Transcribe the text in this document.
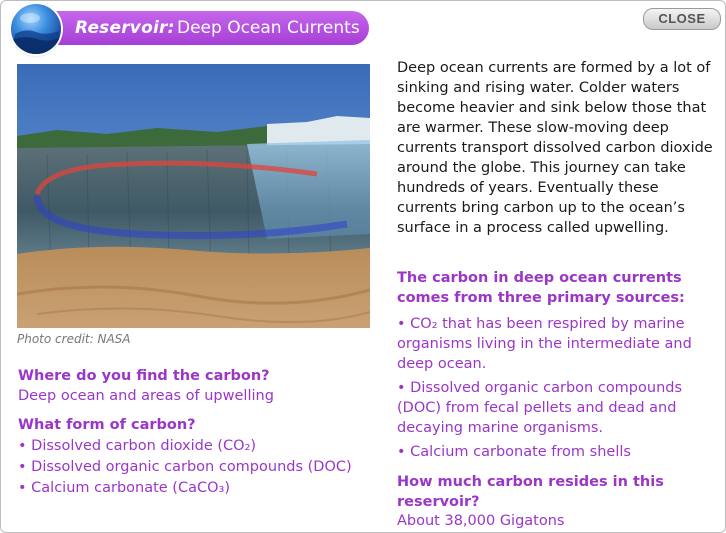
Reservoir: Deep Ocean Currents	CLOSE
Photo credit: NASA
Where do you find the carbon?
Deep ocean and areas of upwelling
What form of carbon?
• Dissolved carbon dioxide (CO₂)
• Dissolved organic carbon compounds (DOC)
• Calcium carbonate (CaCO₃)
Deep ocean currents are formed by a lot of sinking and rising water. Colder waters become heavier and sink below those that are warmer. These slow-moving deep currents transport dissolved carbon dioxide around the globe. This journey can take hundreds of years. Eventually these currents bring carbon up to the ocean’s surface in a process called upwelling.
The carbon in deep ocean currents comes from three primary sources:
• CO₂ that has been respired by marine organisms living in the intermediate and deep ocean.
• Dissolved organic carbon compounds (DOC) from fecal pellets and dead and decaying marine organisms.
• Calcium carbonate from shells
How much carbon resides in this reservoir?
About 38,000 Gigatons
